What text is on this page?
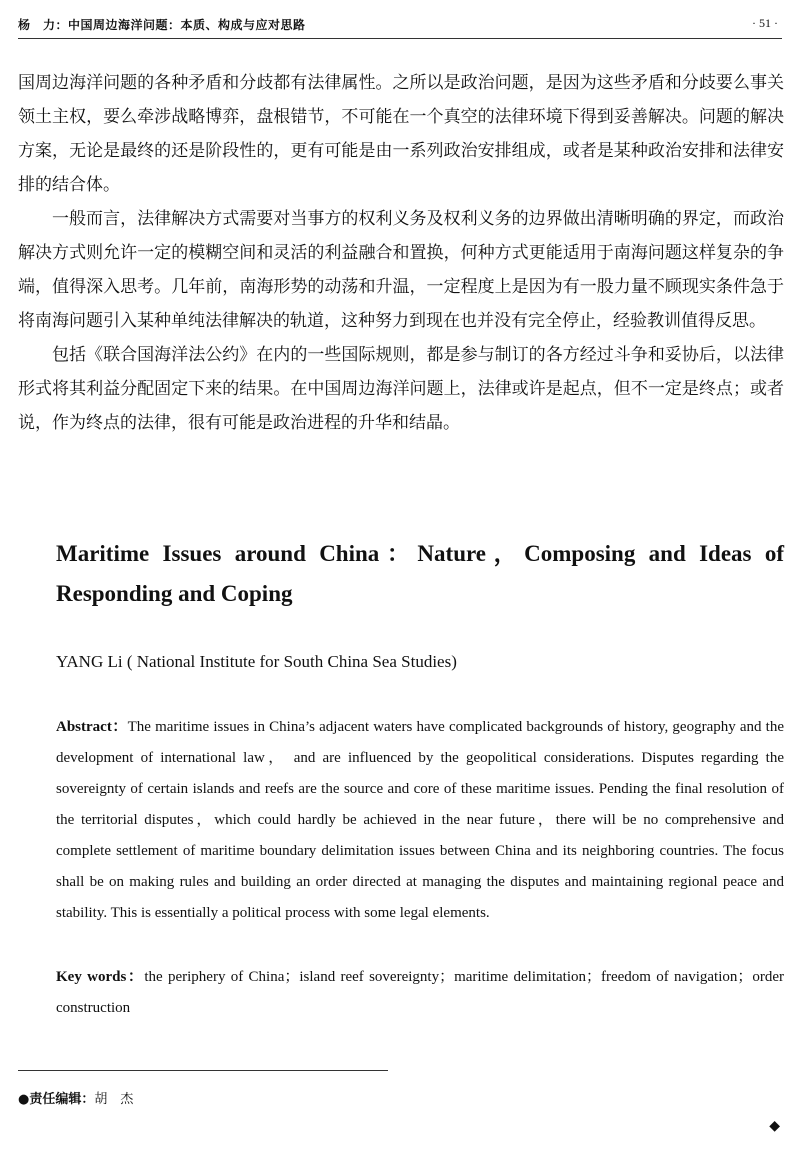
杨　力：中国周边海洋问题：本质、构成与应对思路	· 51 ·

国周边海洋问题的各种矛盾和分歧都有法律属性。之所以是政治问题，是因为这些矛盾和分歧要么事关领土主权，要么牵涉战略博弈，盘根错节，不可能在一个真空的法律环境下得到妥善解决。问题的解决方案，无论是最终的还是阶段性的，更有可能是由一系列政治安排组成，或者是某种政治安排和法律安排的结合体。

一般而言，法律解决方式需要对当事方的权利义务及权利义务的边界做出清晰明确的界定，而政治解决方式则允许一定的模糊空间和灵活的利益融合和置换，何种方式更能适用于南海问题这样复杂的争端，值得深入思考。几年前，南海形势的动荡和升温，一定程度上是因为有一股力量不顾现实条件急于将南海问题引入某种单纯法律解决的轨道，这种努力到现在也并没有完全停止，经验教训值得反思。

包括《联合国海洋法公约》在内的一些国际规则，都是参与制订的各方经过斗争和妥协后，以法律形式将其利益分配固定下来的结果。在中国周边海洋问题上，法律或许是起点，但不一定是终点；或者说，作为终点的法律，很有可能是政治进程的升华和结晶。

Maritime Issues around China：Nature，Composing and Ideas of Responding and Coping
YANG Li ( National Institute for South China Sea Studies)
Abstract：The maritime issues in China’s adjacent waters have complicated backgrounds of history, geography and the development of international law， and are influenced by the geopolitical considerations. Disputes regarding the sovereignty of certain islands and reefs are the source and core of these maritime issues. Pending the final resolution of the territorial disputes，which could hardly be achieved in the near future，there will be no comprehensive and complete settlement of maritime boundary delimitation issues between China and its neighboring countries. The focus shall be on making rules and building an order directed at managing the disputes and maintaining regional peace and stability. This is essentially a political process with some legal elements.
Key words：the periphery of China；island reef sovereignty；maritime delimitation；freedom of navigation；order construction
●责任编辑：胡　杰
◆
